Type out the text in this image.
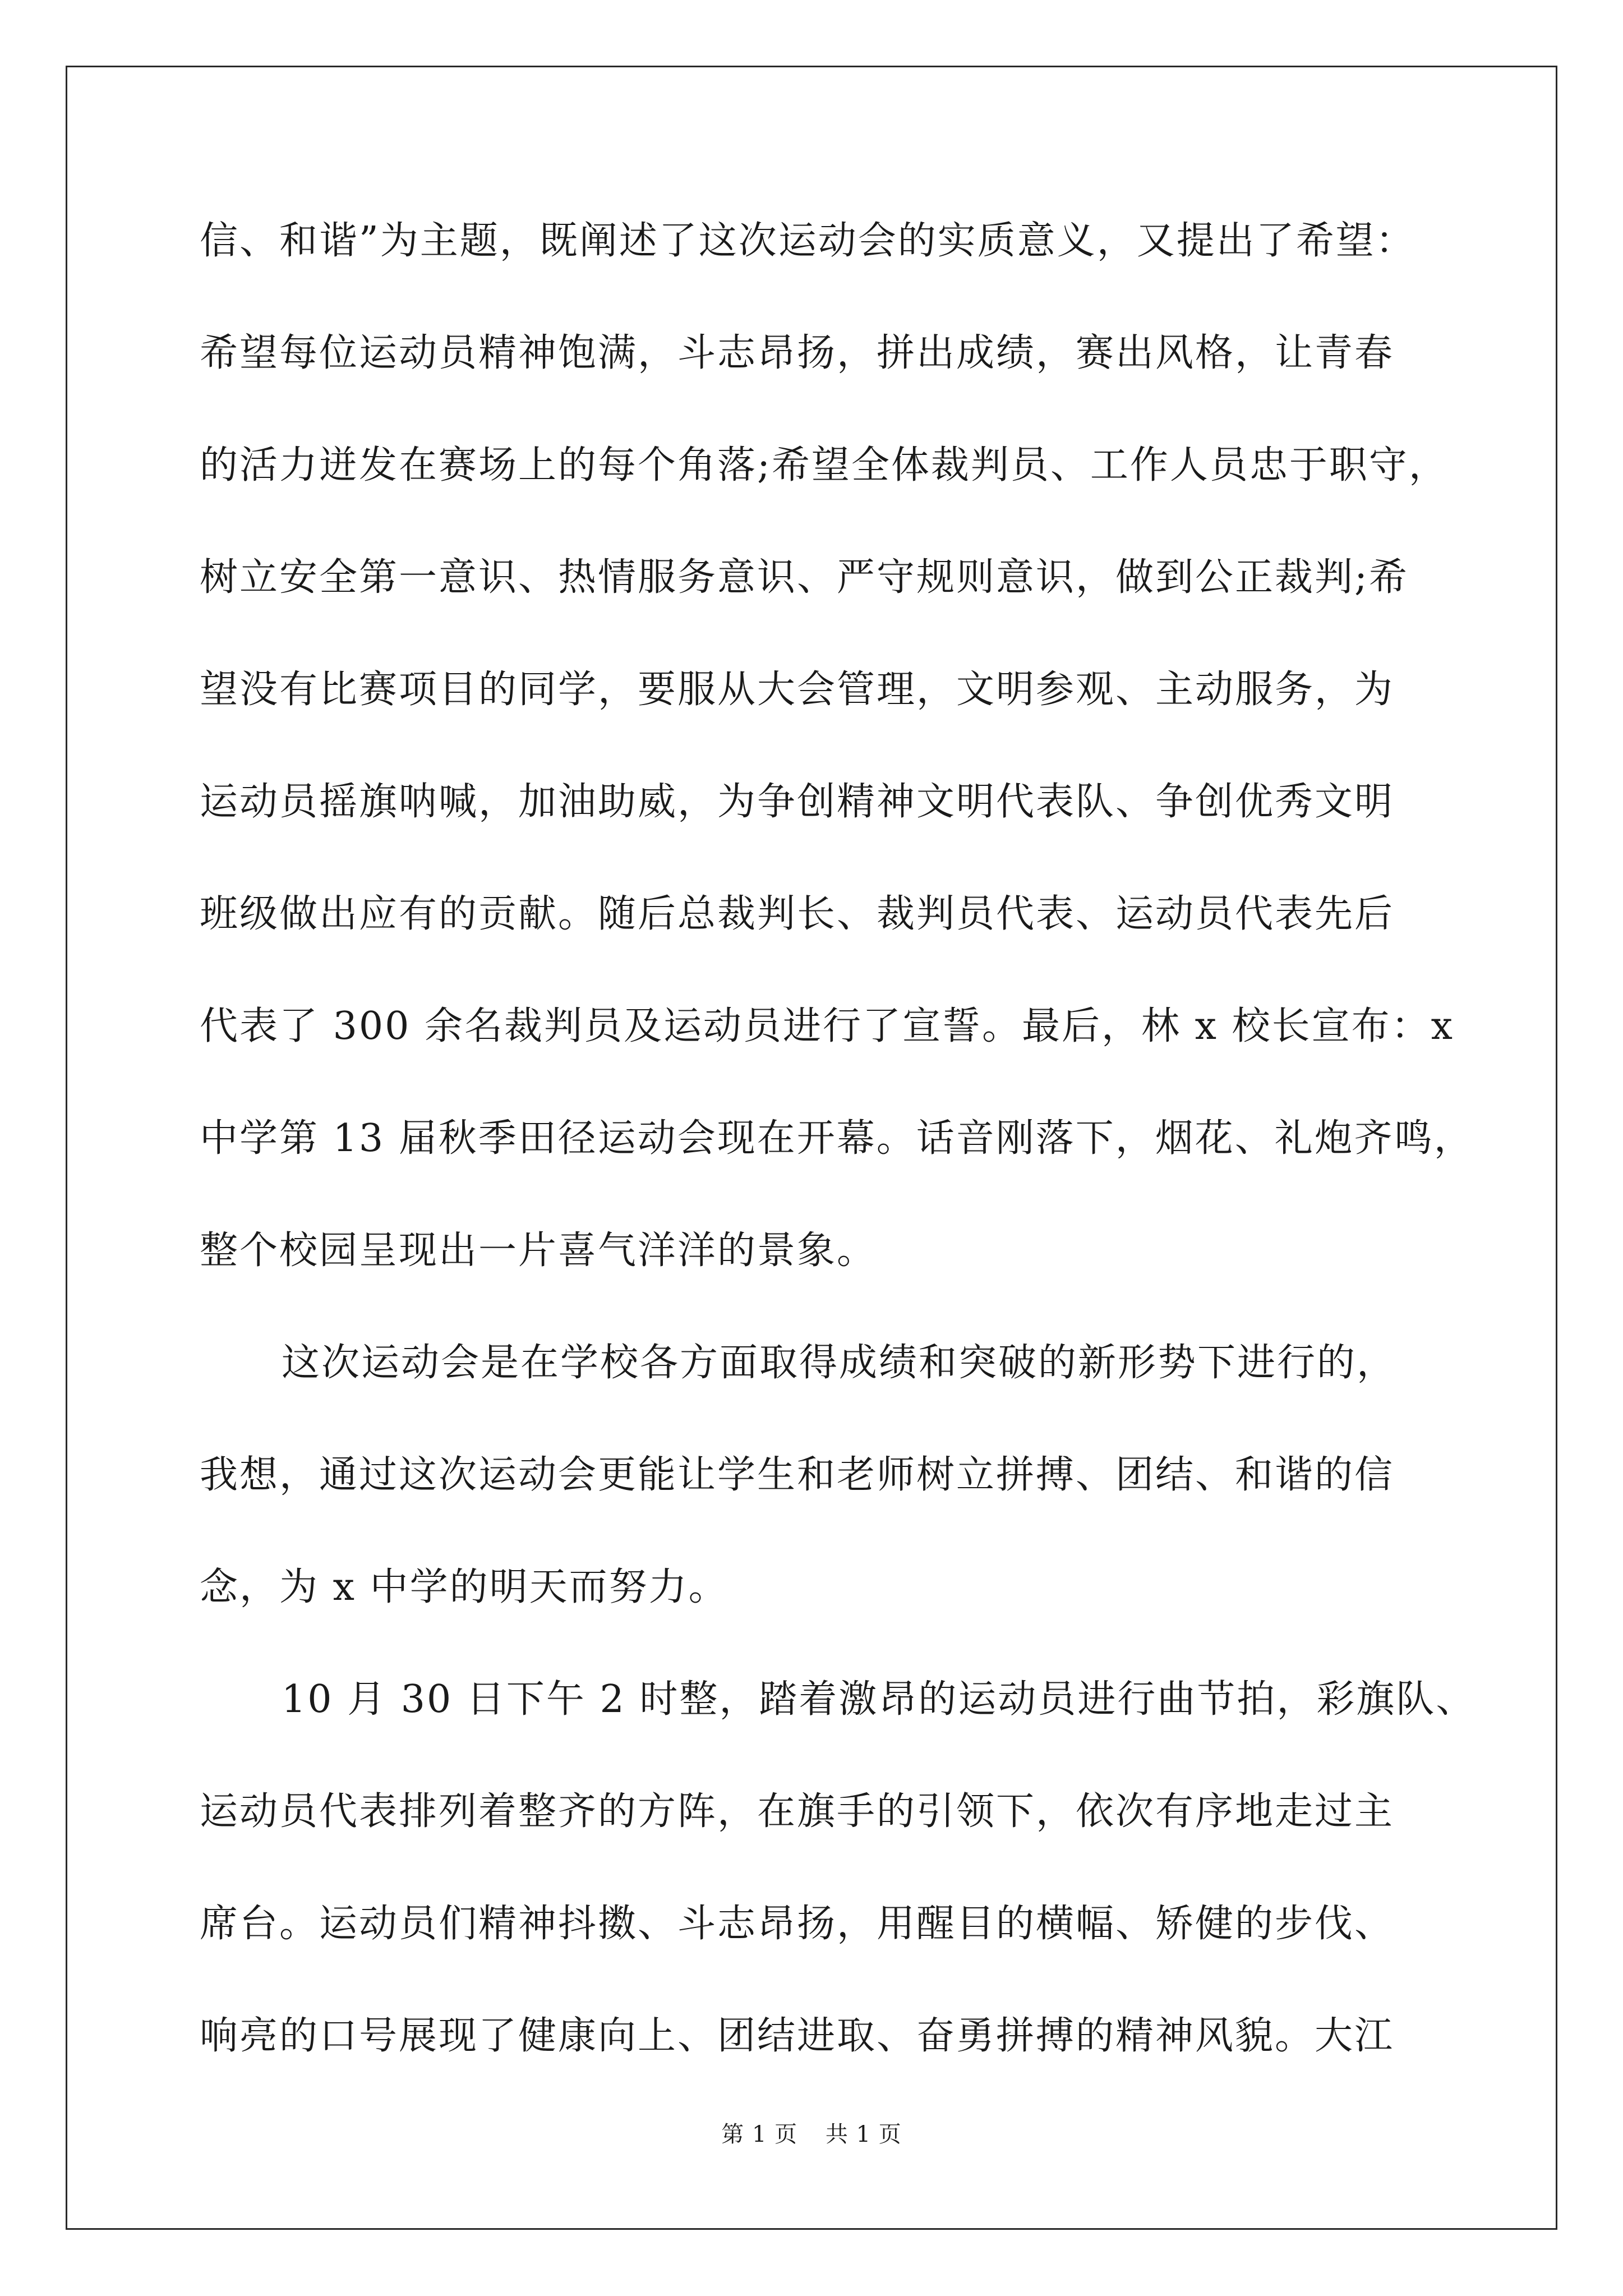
信、和谐”为主题，既阐述了这次运动会的实质意义，又提出了希望：
希望每位运动员精神饱满，斗志昂扬，拼出成绩，赛出风格，让青春
的活力迸发在赛场上的每个角落;希望全体裁判员、工作人员忠于职守，
树立安全第一意识、热情服务意识、严守规则意识，做到公正裁判;希
望没有比赛项目的同学，要服从大会管理，文明参观、主动服务，为
运动员摇旗呐喊，加油助威，为争创精神文明代表队、争创优秀文明
班级做出应有的贡献。随后总裁判长、裁判员代表、运动员代表先后
代表了 300 余名裁判员及运动员进行了宣誓。最后，林 x 校长宣布：x
中学第 13 届秋季田径运动会现在开幕。话音刚落下，烟花、礼炮齐鸣，
整个校园呈现出一片喜气洋洋的景象。
这次运动会是在学校各方面取得成绩和突破的新形势下进行的，
我想，通过这次运动会更能让学生和老师树立拼搏、团结、和谐的信
念，为 x 中学的明天而努力。
10 月 30 日下午 2 时整，踏着激昂的运动员进行曲节拍，彩旗队、
运动员代表排列着整齐的方阵，在旗手的引领下，依次有序地走过主
席台。运动员们精神抖擞、斗志昂扬，用醒目的横幅、矫健的步伐、
响亮的口号展现了健康向上、团结进取、奋勇拼搏的精神风貌。大江
第 1 页 共 1 页
